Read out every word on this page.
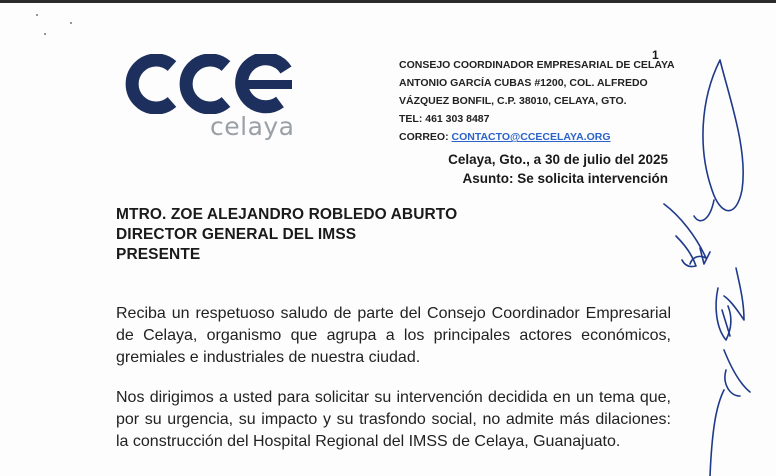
CCE
celaya
1
CONSEJO COORDINADOR EMPRESARIAL DE CELAYA
ANTONIO GARCÍA CUBAS #1200, COL. ALFREDO
VÁZQUEZ BONFIL, C.P. 38010, CELAYA, GTO.
TEL: 461 303 8487
CORREO: CONTACTO@CCECELAYA.ORG
Celaya, Gto., a 30 de julio del 2025
Asunto: Se solicita intervención
MTRO. ZOE ALEJANDRO ROBLEDO ABURTO
DIRECTOR GENERAL DEL IMSS
PRESENTE
Reciba un respetuoso saludo de parte del Consejo Coordinador Empresarial de Celaya, organismo que agrupa a los principales actores económicos, gremiales e industriales de nuestra ciudad.
Nos dirigimos a usted para solicitar su intervención decidida en un tema que, por su urgencia, su impacto y su trasfondo social, no admite más dilaciones: la construcción del Hospital Regional del IMSS de Celaya, Guanajuato.
